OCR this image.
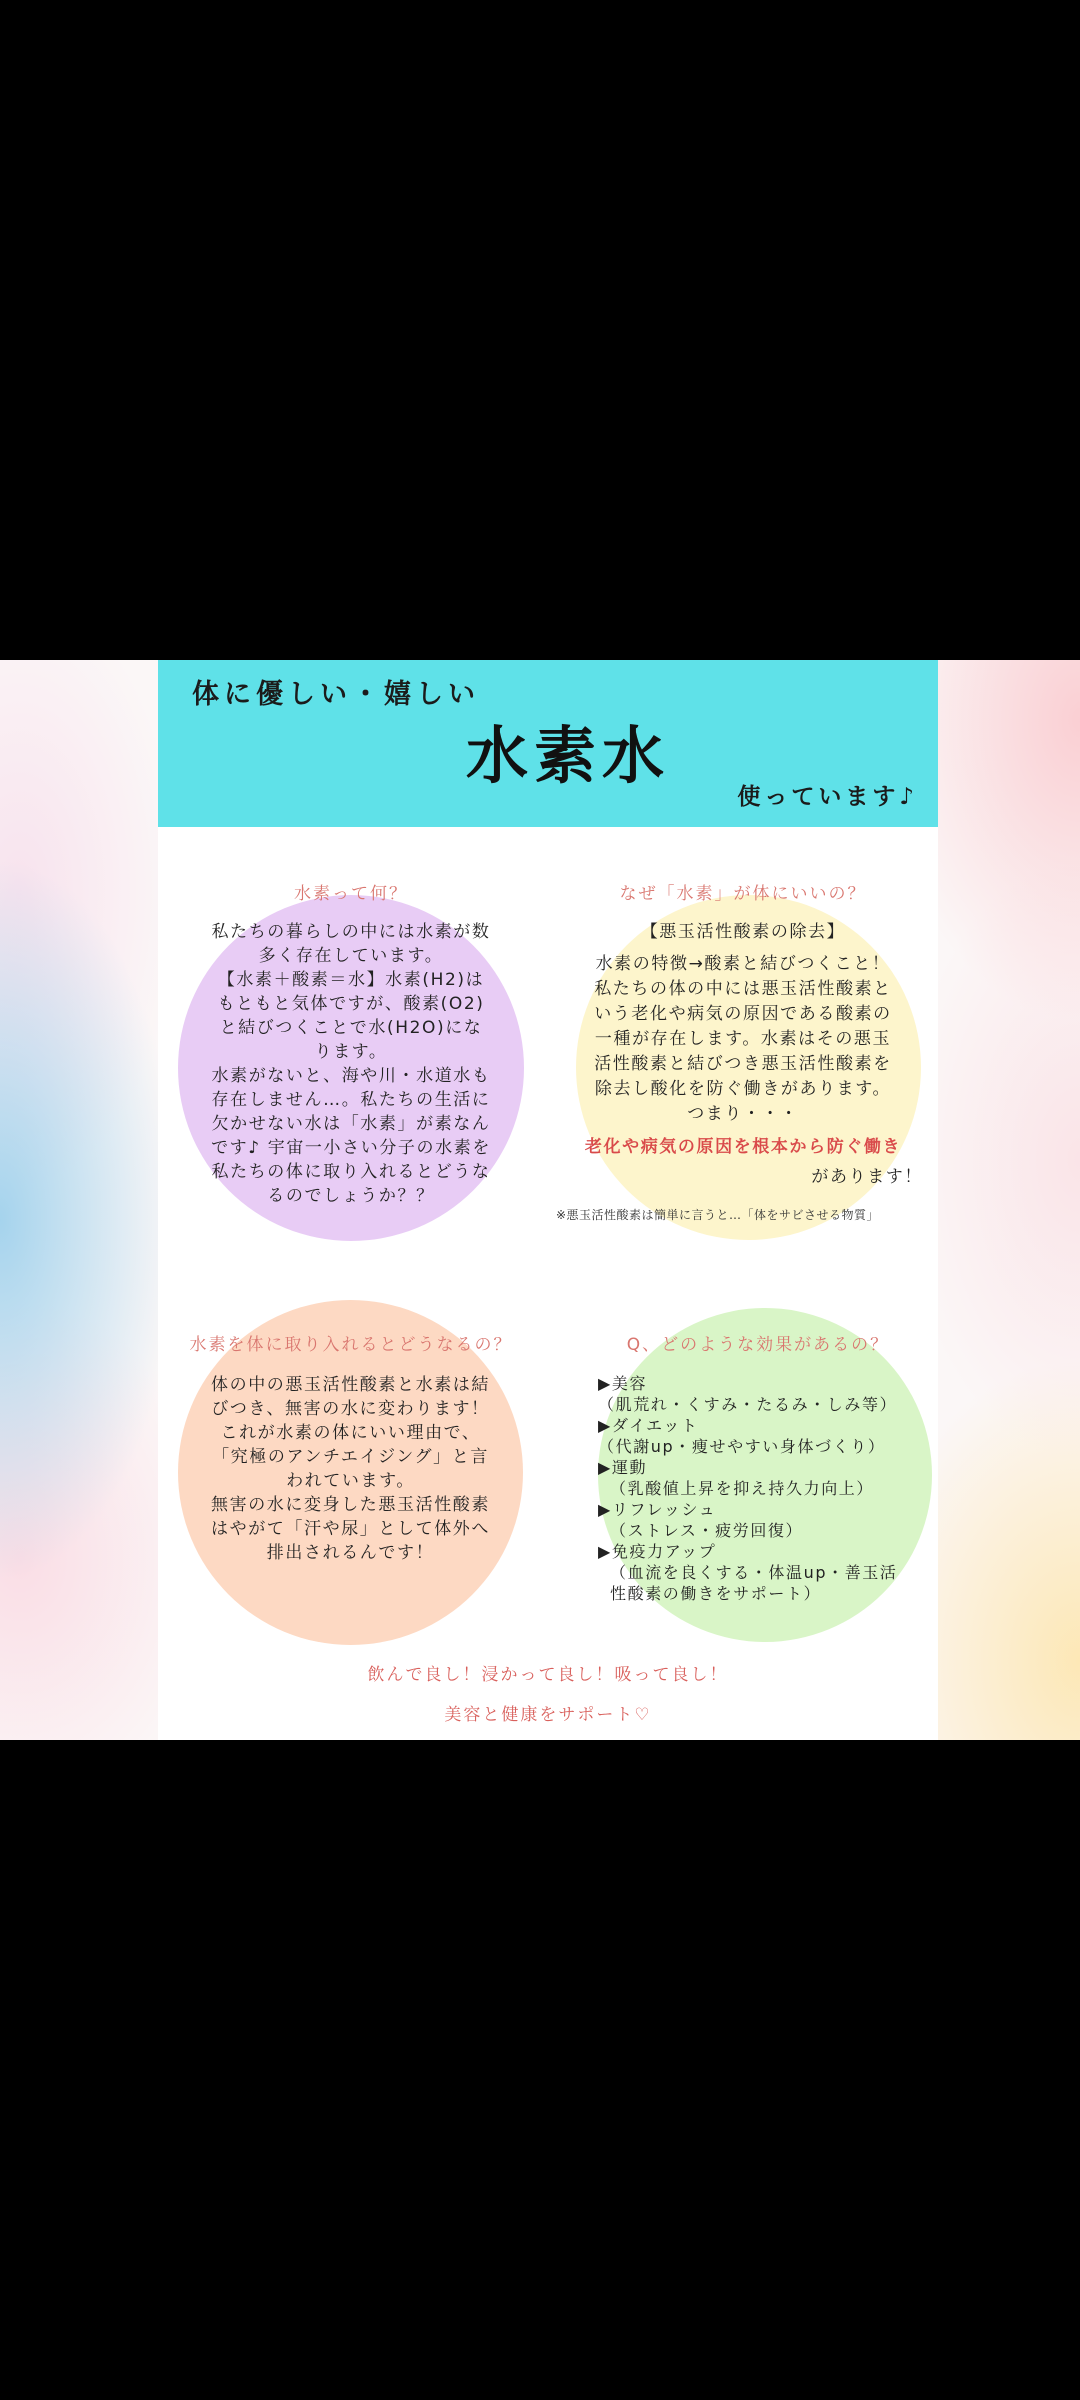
体に優しい・嬉しい
水素水
使っています♪
水素って何？
私たちの暮らしの中には水素が数
多く存在しています。
【水素＋酸素＝水】水素(H2)は
もともと気体ですが、酸素(O2)
と結びつくことで水(H2O)にな
ります。
水素がないと、海や川・水道水も
存在しません…。私たちの生活に
欠かせない水は「水素」が素なん
です♪ 宇宙一小さい分子の水素を
私たちの体に取り入れるとどうな
るのでしょうか？？
なぜ「水素」が体にいいの？
【悪玉活性酸素の除去】
水素の特徴→酸素と結びつくこと！
私たちの体の中には悪玉活性酸素と
いう老化や病気の原因である酸素の
一種が存在します。水素はその悪玉
活性酸素と結びつき悪玉活性酸素を
除去し酸化を防ぐ働きがあります。
つまり・・・
老化や病気の原因を根本から防ぐ働き
があります！
※悪玉活性酸素は簡単に言うと…「体をサビさせる物質」
水素を体に取り入れるとどうなるの？
体の中の悪玉活性酸素と水素は結
びつき、無害の水に変わります！
これが水素の体にいい理由で、
「究極のアンチエイジング」と言
われています。
無害の水に変身した悪玉活性酸素
はやがて「汗や尿」として体外へ
排出されるんです！
Q、どのような効果があるの？
▶美容
（肌荒れ・くすみ・たるみ・しみ等）
▶ダイエット
（代謝up・痩せやすい身体づくり）
▶運動
（乳酸値上昇を抑え持久力向上）
▶リフレッシュ
（ストレス・疲労回復）
▶免疫力アップ
（血流を良くする・体温up・善玉活
性酸素の働きをサポート）
飲んで良し！浸かって良し！吸って良し！
美容と健康をサポート♡
